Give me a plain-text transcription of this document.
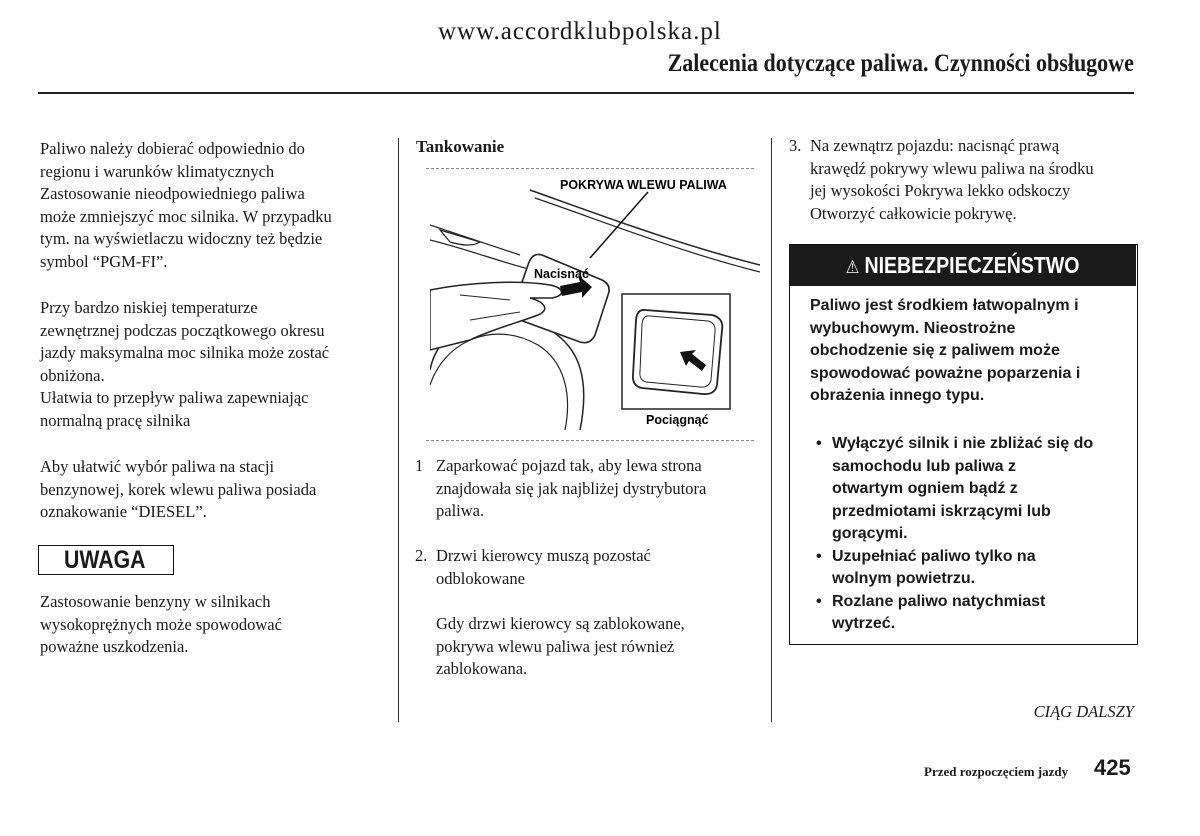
www.accordklubpolska.pl
Zalecenia dotyczące paliwa. Czynności obsługowe

Paliwo należy dobierać odpowiednio do

regionu i warunków klimatycznych

Zastosowanie nieodpowiedniego paliwa

może zmniejszyć moc silnika. W przypadku

tym. na wyświetlaczu widoczny też będzie

symbol “PGM-FI”.

Przy bardzo niskiej temperaturze

zewnętrznej podczas początkowego okresu

jazdy maksymalna moc silnika może zostać

obniżona.

Ułatwia to przepływ paliwa zapewniając

normalną pracę silnika

Aby ułatwić wybór paliwa na stacji

benzynowej, korek wlewu paliwa posiada

oznakowanie “DIESEL”.

UWAGA

Zastosowanie benzyny w silnikach

wysokoprężnych może spowodować

poważne uszkodzenia.

Tankowanie
POKRYWA WLEWU PALIWA
Nacisnąć
Pociągnąć
1 Zaparkować pojazd tak, aby lewa strona

znajdowała się jak najbliżej dystrybutora

paliwa.

2. Drzwi kierowcy muszą pozostać

odblokowane

Gdy drzwi kierowcy są zablokowane,

pokrywa wlewu paliwa jest również

zablokowana.

3. Na zewnątrz pojazdu: nacisnąć prawą

krawędź pokrywy wlewu paliwa na środku

jej wysokości Pokrywa lekko odskoczy

Otworzyć całkowicie pokrywę.

⚠ NIEBEZPIECZEŃSTWO

Paliwo jest środkiem łatwopalnym i

wybuchowym. Nieostrożne

obchodzenie się z paliwem może

spowodować poważne poparzenia i

obrażenia innego typu.

• Wyłączyć silnik i nie zbliżać się do

samochodu lub paliwa z

otwartym ogniem bądź z

przedmiotami iskrzącymi lub

gorącymi.

• Uzupełniać paliwo tylko na

wolnym powietrzu.

• Rozlane paliwo natychmiast

wytrzeć.

CIĄG DALSZY
Przed rozpoczęciem jazdy 425
